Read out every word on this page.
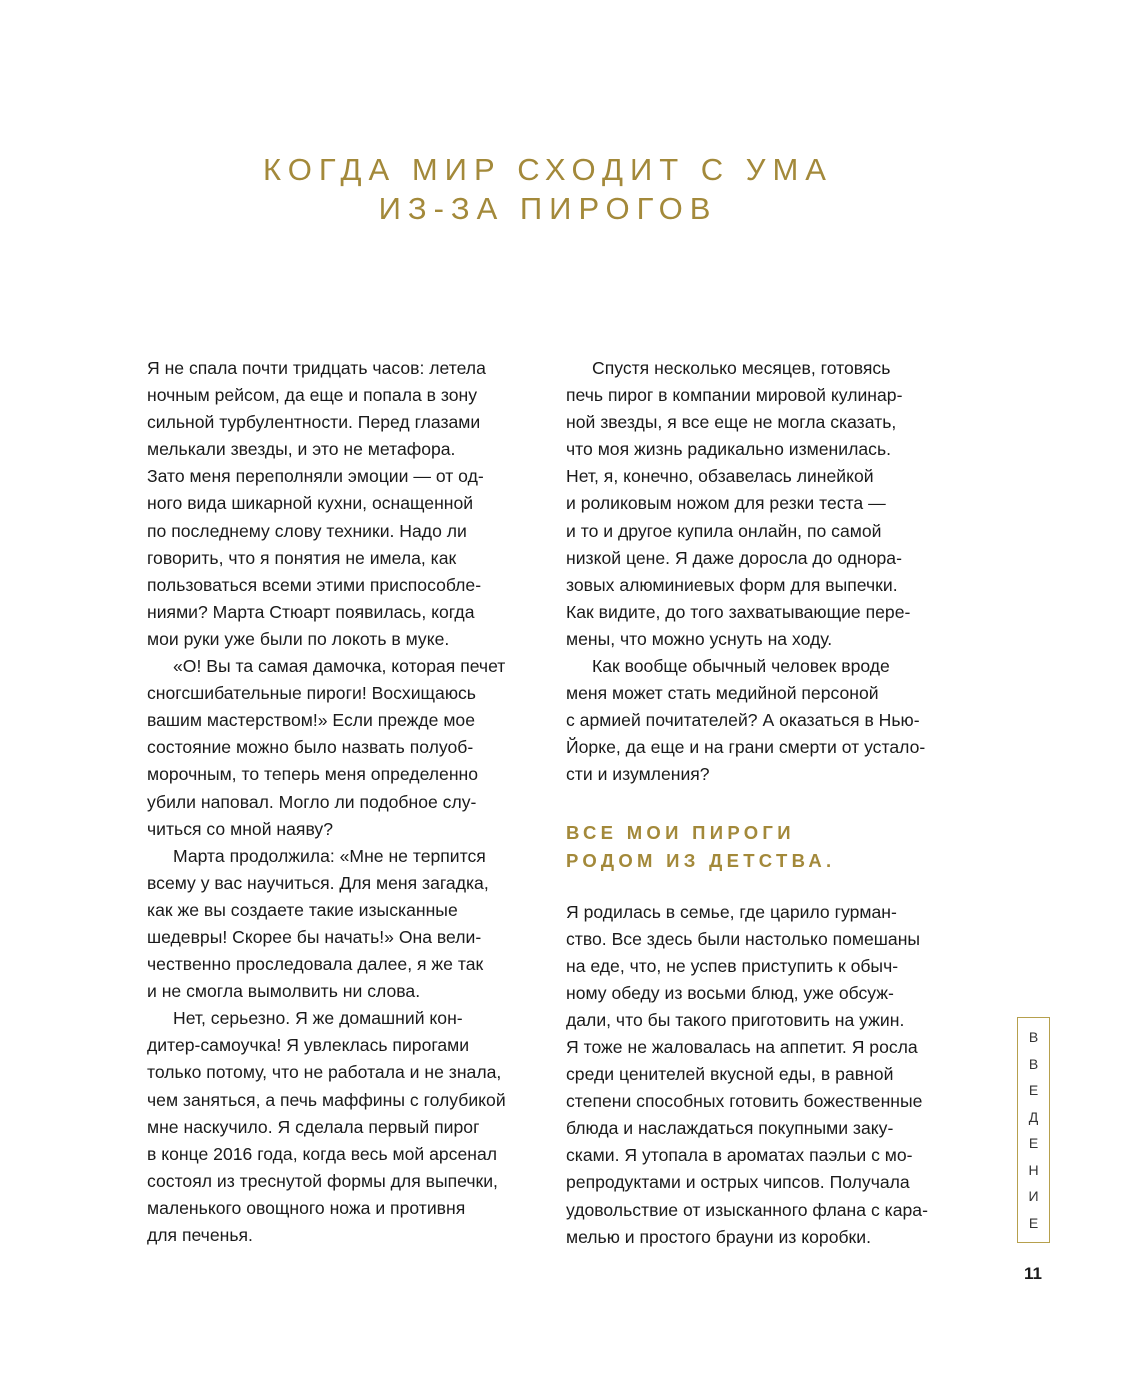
КОГДА МИР СХОДИТ С УМА
ИЗ-ЗА ПИРОГОВ

Я не спала почти тридцать часов: летела
ночным рейсом, да еще и попала в зону
сильной турбулентности. Перед глазами
мелькали звезды, и это не метафора.
Зато меня переполняли эмоции — от од-
ного вида шикарной кухни, оснащенной
по последнему слову техники. Надо ли
говорить, что я понятия не имела, как
пользоваться всеми этими приспособле-
ниями? Марта Стюарт появилась, когда
мои руки уже были по локоть в муке.

«О! Вы та самая дамочка, которая печет
сногсшибательные пироги! Восхищаюсь
вашим мастерством!» Если прежде мое
состояние можно было назвать полуоб-
морочным, то теперь меня определенно
убили наповал. Могло ли подобное слу-
читься со мной наяву?

Марта продолжила: «Мне не терпится
всему у вас научиться. Для меня загадка,
как же вы создаете такие изысканные
шедевры! Скорее бы начать!» Она вели-
чественно проследовала далее, я же так
и не смогла вымолвить ни слова.

Нет, серьезно. Я же домашний кон-
дитер-самоучка! Я увлеклась пирогами
только потому, что не работала и не знала,
чем заняться, а печь маффины с голубикой
мне наскучило. Я сделала первый пирог
в конце 2016 года, когда весь мой арсенал
состоял из треснутой формы для выпечки,
маленького овощного ножа и противня
для печенья.

Спустя несколько месяцев, готовясь
печь пирог в компании мировой кулинар-
ной звезды, я все еще не могла сказать,
что моя жизнь радикально изменилась.
Нет, я, конечно, обзавелась линейкой
и роликовым ножом для резки теста —
и то и другое купила онлайн, по самой
низкой цене. Я даже доросла до однора-
зовых алюминиевых форм для выпечки.
Как видите, до того захватывающие пере-
мены, что можно уснуть на ходу.

Как вообще обычный человек вроде
меня может стать медийной персоной
с армией почитателей? А оказаться в Нью-
Йорке, да еще и на грани смерти от устало-
сти и изумления?

ВСЕ МОИ ПИРОГИ
РОДОМ ИЗ ДЕТСТВА.

Я родилась в семье, где царило гурман-
ство. Все здесь были настолько помешаны
на еде, что, не успев приступить к обыч-
ному обеду из восьми блюд, уже обсуж-
дали, что бы такого приготовить на ужин.
Я тоже не жаловалась на аппетит. Я росла
среди ценителей вкусной еды, в равной
степени способных готовить божественные
блюда и наслаждаться покупными заку-
сками. Я утопала в ароматах паэльи с мо-
репродуктами и острых чипсов. Получала
удовольствие от изысканного флана с кара-
мелью и простого брауни из коробки.

В
В
Е
Д
Е
Н
И
Е
11
